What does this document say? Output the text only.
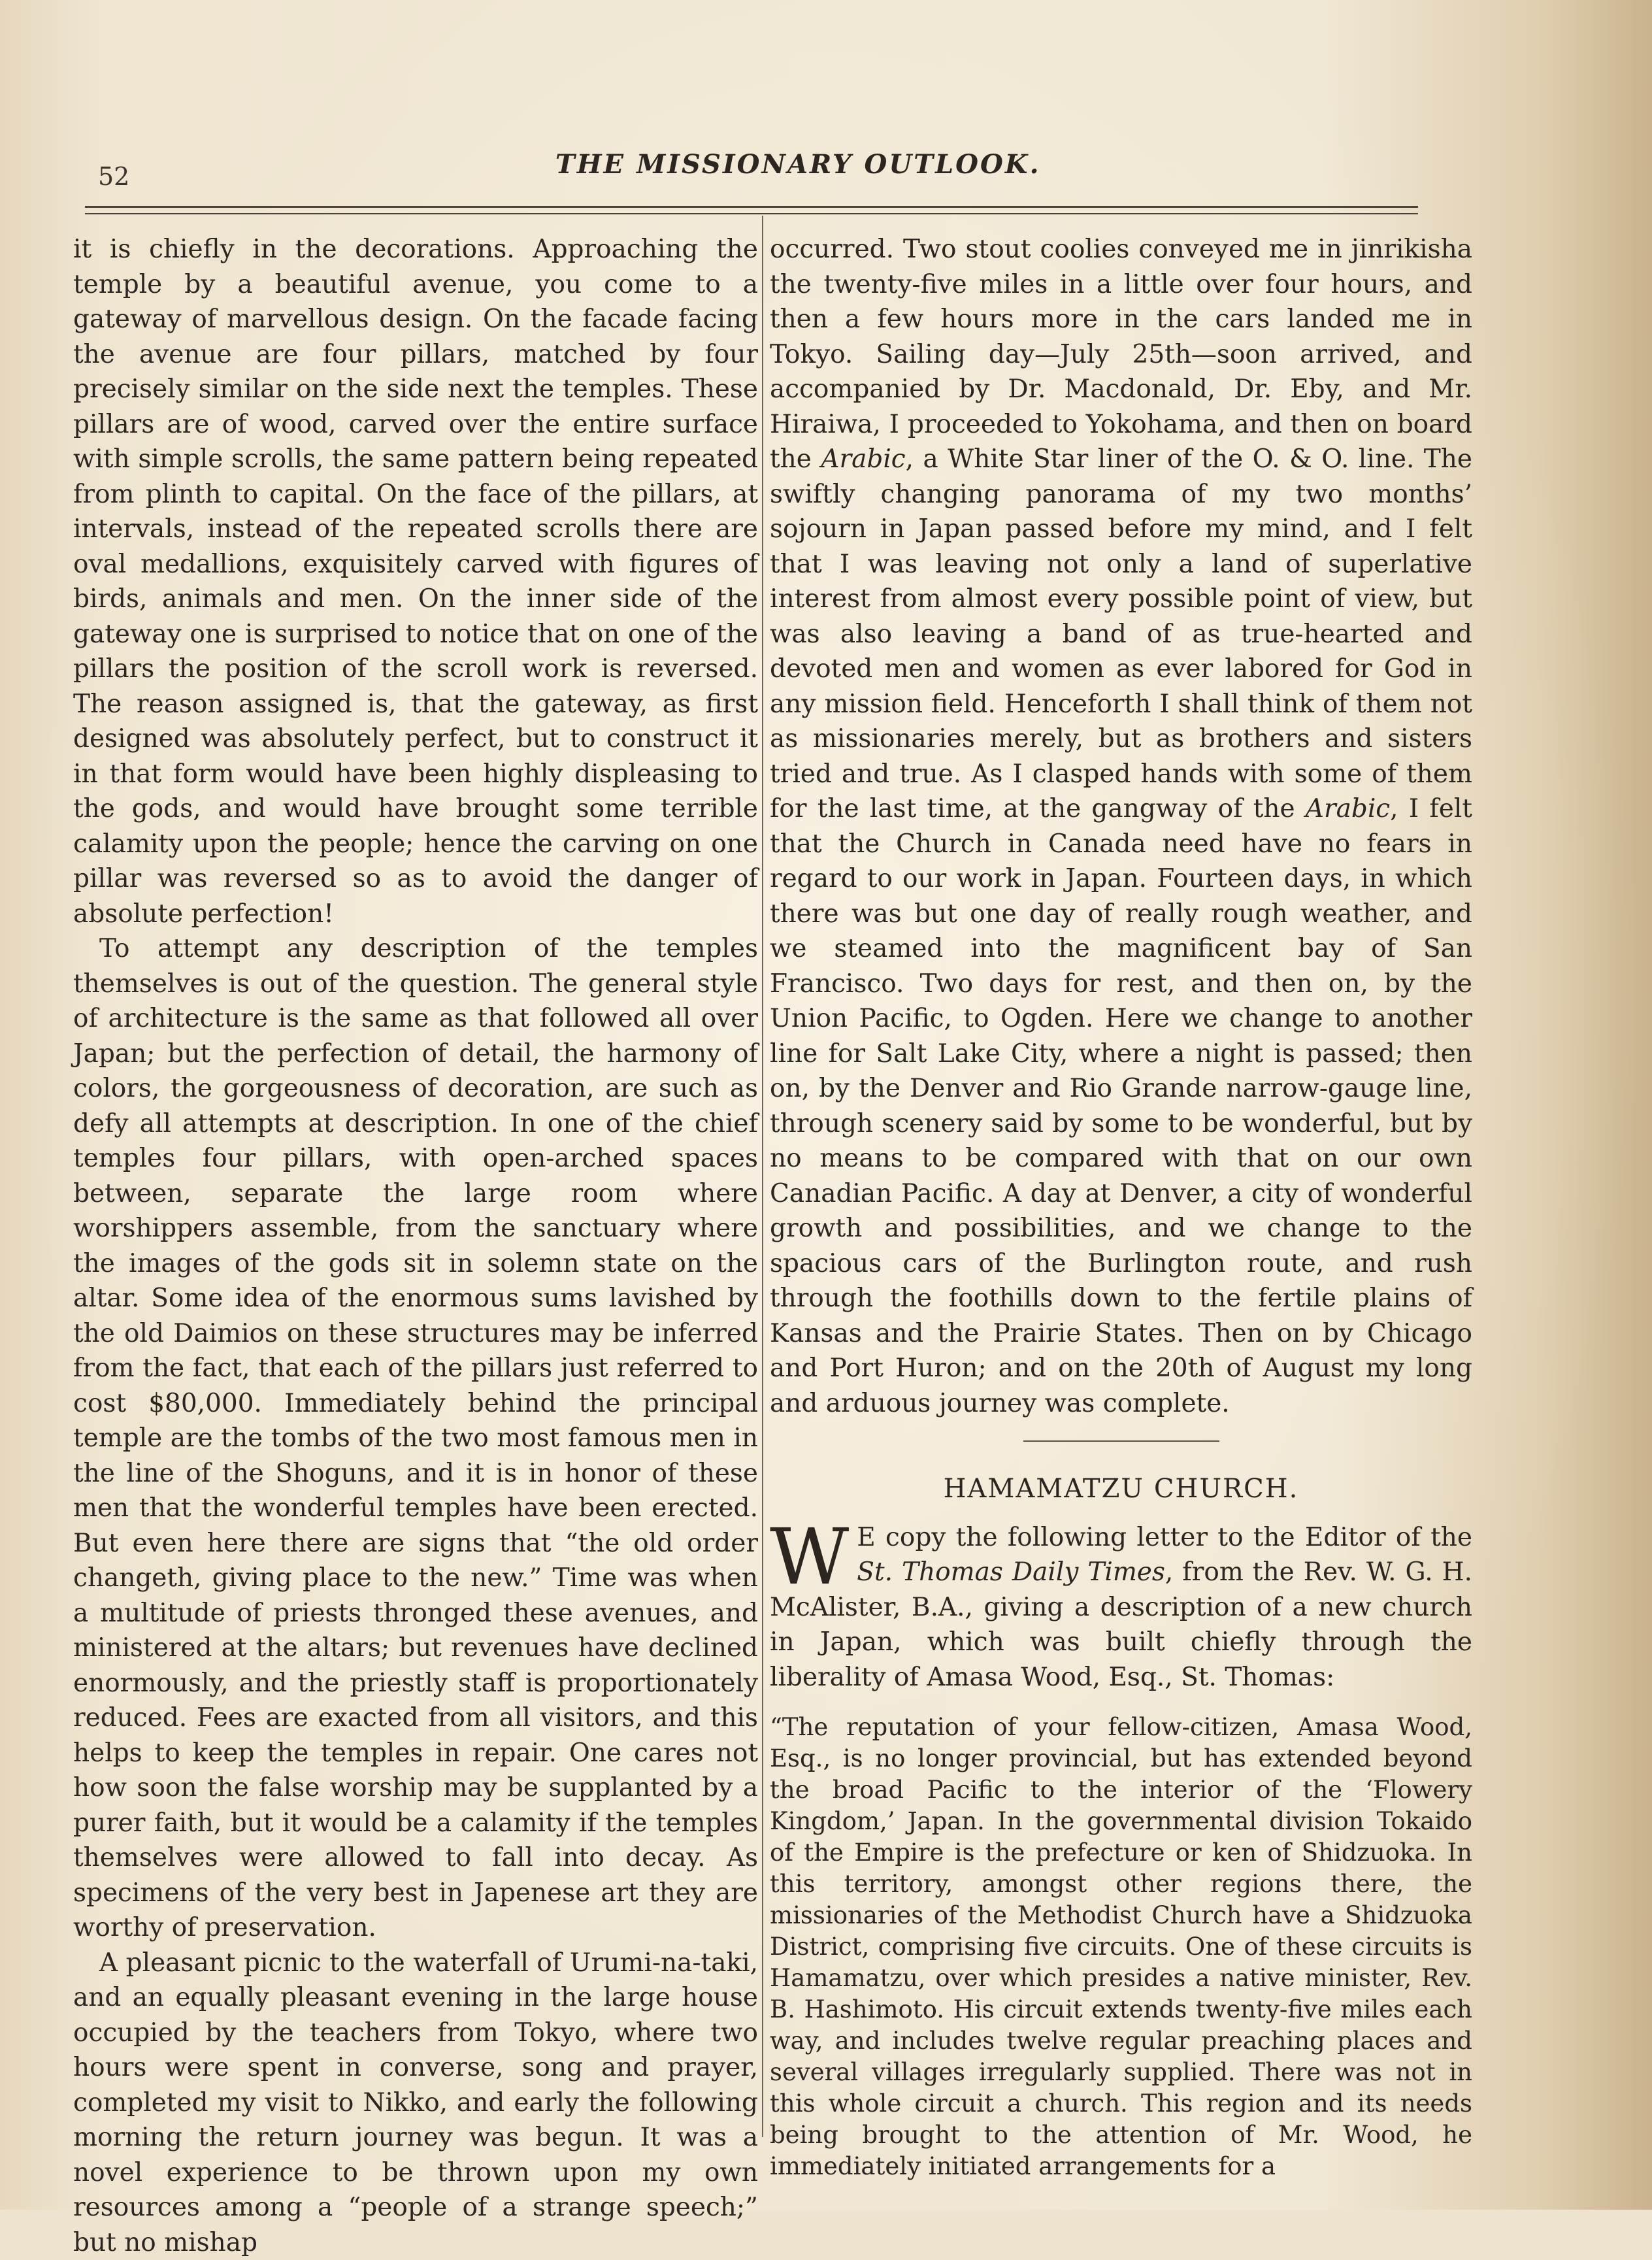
52	THE MISSIONARY OUTLOOK.

it is chiefly in the decorations. Approaching the temple by a beautiful avenue, you come to a gateway of marvellous design. On the facade facing the avenue are four pillars, matched by four precisely similar on the side next the temples. These pillars are of wood, carved over the entire surface with simple scrolls, the same pattern being repeated from plinth to capital. On the face of the pillars, at intervals, instead of the repeated scrolls there are oval medallions, exquisitely carved with figures of birds, animals and men. On the inner side of the gateway one is surprised to notice that on one of the pillars the position of the scroll work is reversed. The reason assigned is, that the gateway, as first designed was absolutely perfect, but to construct it in that form would have been highly displeasing to the gods, and would have brought some terrible calamity upon the people; hence the carving on one pillar was reversed so as to avoid the danger of absolute perfection!

To attempt any description of the temples themselves is out of the question. The general style of architecture is the same as that followed all over Japan; but the perfection of detail, the harmony of colors, the gorgeousness of decoration, are such as defy all attempts at description. In one of the chief temples four pillars, with open-arched spaces between, separate the large room where worshippers assemble, from the sanctuary where the images of the gods sit in solemn state on the altar. Some idea of the enormous sums lavished by the old Daimios on these structures may be inferred from the fact, that each of the pillars just referred to cost $80,000. Immediately behind the principal temple are the tombs of the two most famous men in the line of the Shoguns, and it is in honor of these men that the wonderful temples have been erected. But even here there are signs that “the old order changeth, giving place to the new.” Time was when a multitude of priests thronged these avenues, and ministered at the altars; but revenues have declined enormously, and the priestly staff is proportionately reduced. Fees are exacted from all visitors, and this helps to keep the temples in repair. One cares not how soon the false worship may be supplanted by a purer faith, but it would be a calamity if the temples themselves were allowed to fall into decay. As specimens of the very best in Japenese art they are worthy of preservation.

A pleasant picnic to the waterfall of Urumi-na-taki, and an equally pleasant evening in the large house occupied by the teachers from Tokyo, where two hours were spent in converse, song and prayer, completed my visit to Nikko, and early the following morning the return journey was begun. It was a novel experience to be thrown upon my own resources among a “people of a strange speech;” but no mishap

occurred. Two stout coolies conveyed me in jinrikisha the twenty-five miles in a little over four hours, and then a few hours more in the cars landed me in Tokyo. Sailing day—July 25th—soon arrived, and accompanied by Dr. Macdonald, Dr. Eby, and Mr. Hiraiwa, I proceeded to Yokohama, and then on board the Arabic, a White Star liner of the O. & O. line. The swiftly changing panorama of my two months’ sojourn in Japan passed before my mind, and I felt that I was leaving not only a land of superlative interest from almost every possible point of view, but was also leaving a band of as true-hearted and devoted men and women as ever labored for God in any mission field. Henceforth I shall think of them not as missionaries merely, but as brothers and sisters tried and true. As I clasped hands with some of them for the last time, at the gangway of the Arabic, I felt that the Church in Canada need have no fears in regard to our work in Japan. Fourteen days, in which there was but one day of really rough weather, and we steamed into the magnificent bay of San Francisco. Two days for rest, and then on, by the Union Pacific, to Ogden. Here we change to another line for Salt Lake City, where a night is passed; then on, by the Denver and Rio Grande narrow-gauge line, through scenery said by some to be wonderful, but by no means to be compared with that on our own Canadian Pacific. A day at Denver, a city of wonderful growth and possibilities, and we change to the spacious cars of the Burlington route, and rush through the foothills down to the fertile plains of Kansas and the Prairie States. Then on by Chicago and Port Huron; and on the 20th of August my long and arduous journey was complete.

HAMAMATZU CHURCH.

W E copy the following letter to the Editor of the St. Thomas Daily Times, from the Rev. W. G. H. McAlister, B.A., giving a description of a new church in Japan, which was built chiefly through the liberality of Amasa Wood, Esq., St. Thomas:

“The reputation of your fellow-citizen, Amasa Wood, Esq., is no longer provincial, but has extended beyond the broad Pacific to the interior of the ‘Flowery Kingdom,’ Japan. In the governmental division Tokaido of the Empire is the prefecture or ken of Shidzuoka. In this territory, amongst other regions there, the missionaries of the Methodist Church have a Shidzuoka District, comprising five circuits. One of these circuits is Hamamatzu, over which presides a native minister, Rev. B. Hashimoto. His circuit extends twenty-five miles each way, and includes twelve regular preaching places and several villages irregularly supplied. There was not in this whole circuit a church. This region and its needs being brought to the attention of Mr. Wood, he immediately initiated arrangements for a
